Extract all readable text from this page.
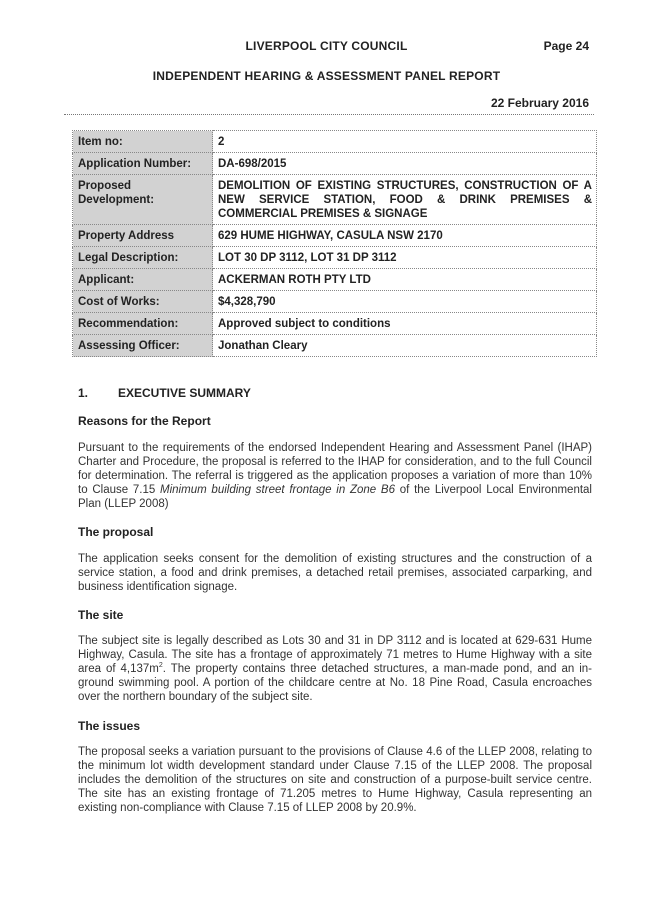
LIVERPOOL CITY COUNCIL	Page 24
INDEPENDENT HEARING & ASSESSMENT PANEL REPORT
22 February 2016
Item no:	2
Application Number:	DA-698/2015
Proposed Development:	DEMOLITION OF EXISTING STRUCTURES, CONSTRUCTION OF A NEW SERVICE STATION, FOOD & DRINK PREMISES & COMMERCIAL PREMISES & SIGNAGE
Property Address	629 HUME HIGHWAY, CASULA NSW 2170
Legal Description:	LOT 30 DP 3112, LOT 31 DP 3112
Applicant:	ACKERMAN ROTH PTY LTD
Cost of Works:	$4,328,790
Recommendation:	Approved subject to conditions
Assessing Officer:	Jonathan Cleary
1. EXECUTIVE SUMMARY
Reasons for the Report
Pursuant to the requirements of the endorsed Independent Hearing and Assessment Panel (IHAP) Charter and Procedure, the proposal is referred to the IHAP for consideration, and to the full Council for determination. The referral is triggered as the application proposes a variation of more than 10% to Clause 7.15 Minimum building street frontage in Zone B6 of the Liverpool Local Environmental Plan (LLEP 2008)
The proposal
The application seeks consent for the demolition of existing structures and the construction of a service station, a food and drink premises, a detached retail premises, associated carparking, and business identification signage.
The site
The subject site is legally described as Lots 30 and 31 in DP 3112 and is located at 629-631 Hume Highway, Casula. The site has a frontage of approximately 71 metres to Hume Highway with a site area of $4,137m^2$. The property contains three detached structures, a man-made pond, and an in-ground swimming pool. A portion of the childcare centre at No. 18 Pine Road, Casula encroaches over the northern boundary of the subject site.
The issues
The proposal seeks a variation pursuant to the provisions of Clause 4.6 of the LLEP 2008, relating to the minimum lot width development standard under Clause 7.15 of the LLEP 2008. The proposal includes the demolition of the structures on site and construction of a purpose-built service centre. The site has an existing frontage of 71.205 metres to Hume Highway, Casula representing an existing non-compliance with Clause 7.15 of LLEP 2008 by 20.9%.
